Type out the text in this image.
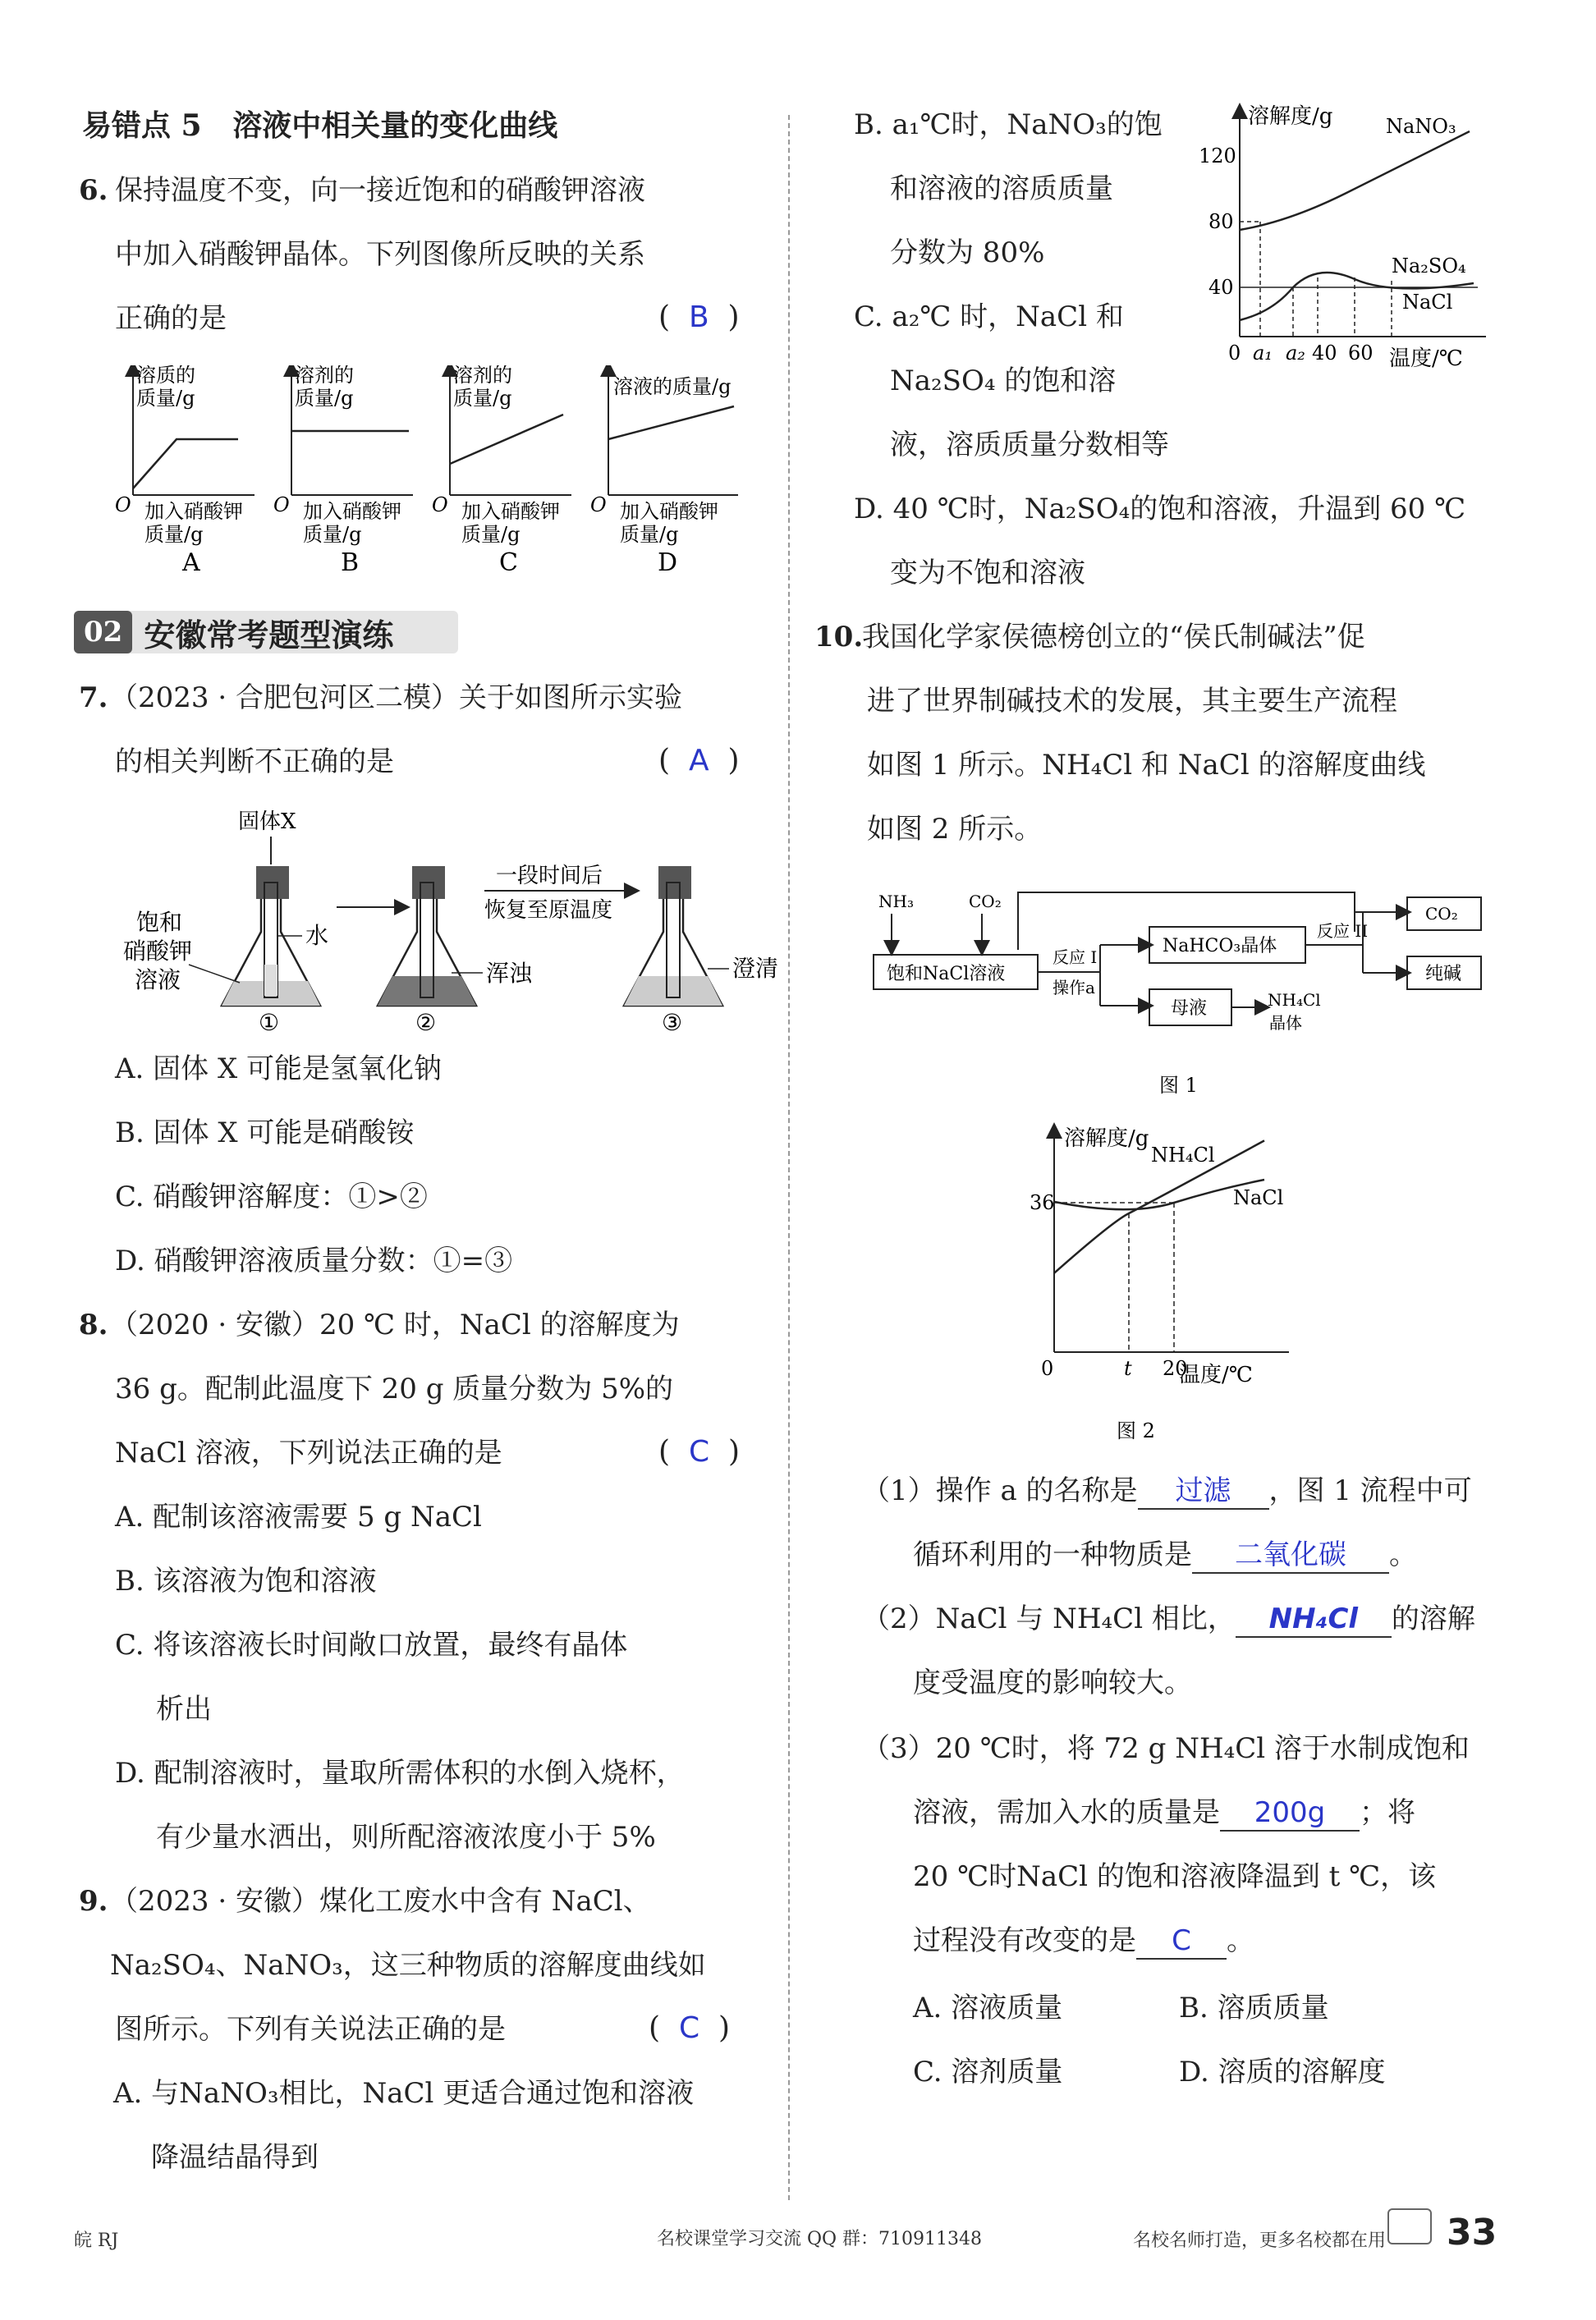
易错点 5 溶液中相关量的变化曲线
6. 保持温度不变，向一接近饱和的硝酸钾溶液
中加入硝酸钾晶体。下列图像所反映的关系
正确的是	(  B  )
溶质的
质量/g
O 加入硝酸钾
质量/g
A
溶剂的
质量/g
O 加入硝酸钾
质量/g
B
溶剂的
质量/g
O 加入硝酸钾
质量/g
C
溶液的质量/g
O 加入硝酸钾
质量/g
D
02 安徽常考题型演练
7. （2023 · 合肥包河区二模）关于如图所示实验
的相关判断不正确的是	(  A  )
固体X
水
①
饱和
硝酸钾
溶液	浑浊
②
一段时间后
恢复至原温度
澄清
③
A. 固体 X 可能是氢氧化钠
B. 固体 X 可能是硝酸铵
C. 硝酸钾溶解度：①>②
D. 硝酸钾溶液质量分数：①=③
8. （2020 · 安徽）20 ℃ 时，NaCl 的溶解度为
36 g。配制此温度下 20 g 质量分数为 5%的
NaCl 溶液，下列说法正确的是	(  C  )
A. 配制该溶液需要 5 g NaCl
B. 该溶液为饱和溶液
C. 将该溶液长时间敞口放置，最终有晶体
析出
D. 配制溶液时，量取所需体积的水倒入烧杯，
有少量水洒出，则所配溶液浓度小于 5%
9. （2023 · 安徽）煤化工废水中含有 NaCl、
Na₂SO₄、NaNO₃，这三种物质的溶解度曲线如
图所示。下列有关说法正确的是	(  C  )
A. 与NaNO₃相比，NaCl 更适合通过饱和溶液
降温结晶得到
B. a₁℃时，NaNO₃的饱
和溶液的溶质质量
分数为 80%
C. a₂℃ 时，NaCl 和
Na₂SO₄ 的饱和溶
液，溶质质量分数相等
D. 40 ℃时，Na₂SO₄的饱和溶液，升温到 60 ℃
变为不饱和溶液
溶解度/g
120
80
40
0 a₁ a₂ 40 60 温度/℃
NaNO₃
Na₂SO₄
NaCl
10.
我国化学家侯德榜创立的“侯氏制碱法”促
进了世界制碱技术的发展，其主要生产流程
如图 1 所示。NH₄Cl 和 NaCl 的溶解度曲线
如图 2 所示。
NH₃	CO₂
饱和NaCl溶液
反应 I
操作a
NaHCO₃晶体
反应 II
CO₂
纯碱
母液	NH₄Cl
晶体
图 1
溶解度/g
0	t 20
36
NH₄Cl
NaCl
温度/℃
图 2
（1）操作 a 的名称是 过滤 ，图 1 流程中可
循环利用的一种物质是 二氧化碳 。
（2）NaCl 与 NH₄Cl 相比， NH₄Cl 的溶解
度受温度的影响较大。
（3）20 ℃时，将 72 g NH₄Cl 溶于水制成饱和
溶液，需加入水的质量是 200g ；将
20 ℃时NaCl 的饱和溶液降温到 t ℃，该
过程没有改变的是 C 。
A. 溶液质量	B. 溶质质量
C. 溶剂质量	D. 溶质的溶解度
皖 RJ	名校课堂学习交流 QQ 群：710911348	名校名师打造，更多名校都在用 33
